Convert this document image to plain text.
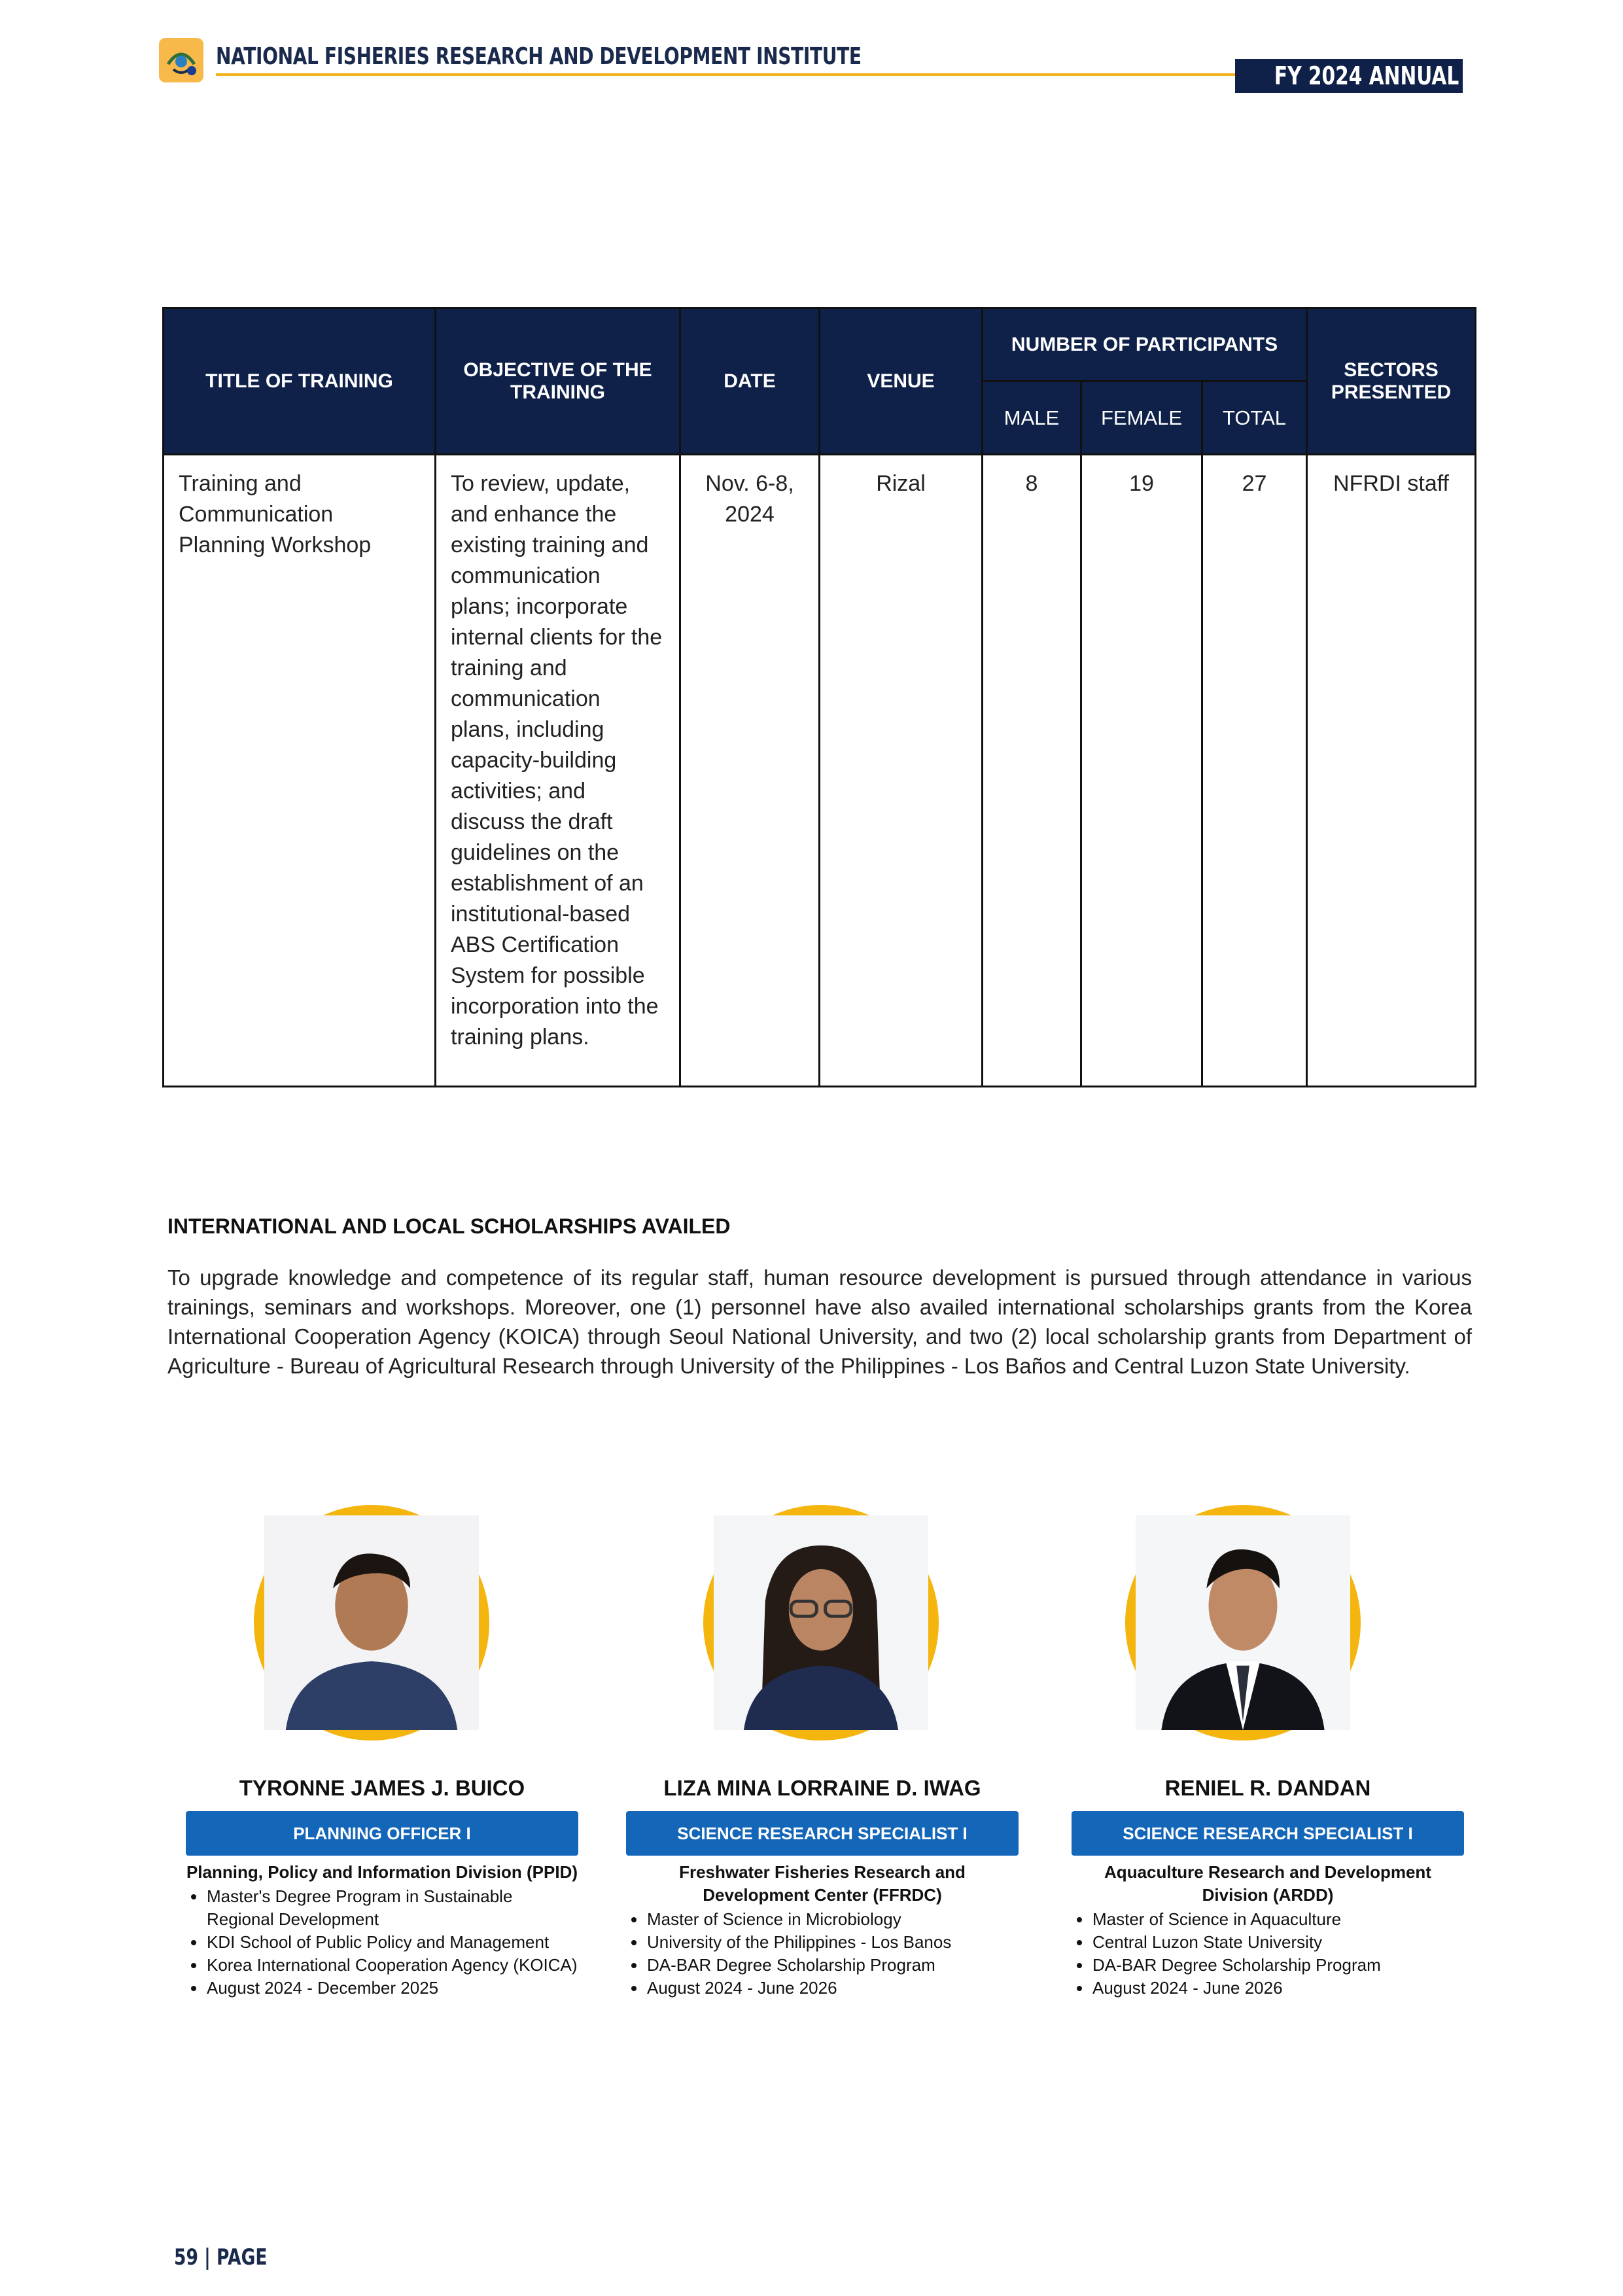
NATIONAL FISHERIES RESEARCH AND DEVELOPMENT INSTITUTE
FY 2024 ANNUAL REPORT
TITLE OF TRAINING	OBJECTIVE OF THE TRAINING	DATE	VENUE	NUMBER OF PARTICIPANTS			SECTORS PRESENTED
				MALE	FEMALE	TOTAL	
Training and Communication Planning Workshop	To review, update, and enhance the existing training and communication plans; incorporate internal clients for the training and communication plans, including capacity-building activities; and discuss the draft guidelines on the establishment of an institutional-based ABS Certification System for possible incorporation into the training plans.	Nov. 6-8, 2024	Rizal	8	19	27	NFRDI staff
INTERNATIONAL AND LOCAL SCHOLARSHIPS AVAILED

To upgrade knowledge and competence of its regular staff, human resource development is pursued through attendance in various trainings, seminars and workshops. Moreover, one (1) personnel have also availed international scholarships grants from the Korea International Cooperation Agency (KOICA) through Seoul National University, and two (2) local scholarship grants from Department of Agriculture - Bureau of Agricultural Research through University of the Philippines - Los Baños and Central Luzon State University.

TYRONNE JAMES J. BUICO
PLANNING OFFICER I
Planning, Policy and Information Division (PPID)
Master's Degree Program in Sustainable Regional Development
KDI School of Public Policy and Management
Korea International Cooperation Agency (KOICA)
August 2024 - December 2025
LIZA MINA LORRAINE D. IWAG
SCIENCE RESEARCH SPECIALIST I
Freshwater Fisheries Research and Development Center (FFRDC)
Master of Science in Microbiology
University of the Philippines - Los Banos
DA-BAR Degree Scholarship Program
August 2024 - June 2026
RENIEL R. DANDAN
SCIENCE RESEARCH SPECIALIST I
Aquaculture Research and Development Division (ARDD)
Master of Science in Aquaculture
Central Luzon State University
DA-BAR Degree Scholarship Program
August 2024 - June 2026
59 | PAGE
